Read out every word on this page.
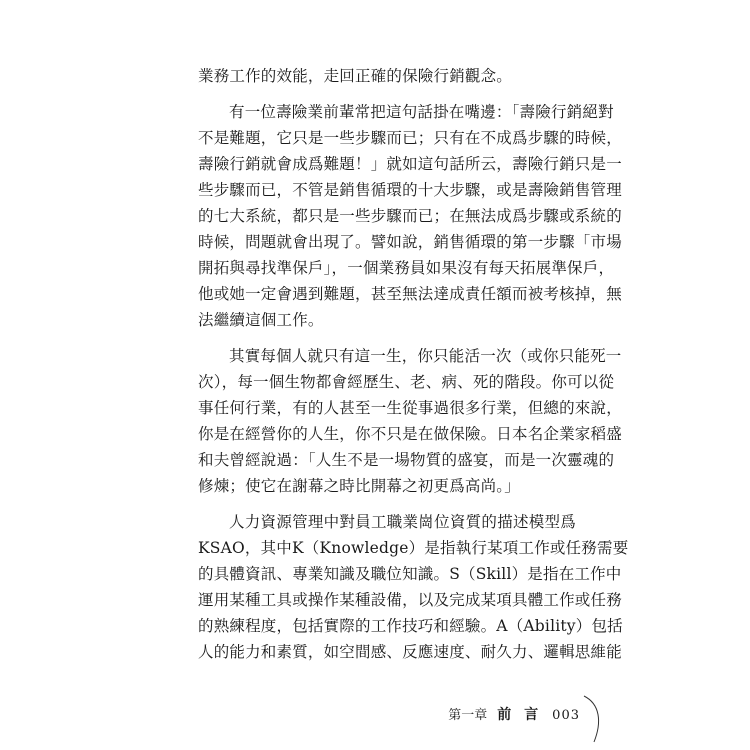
業務工作的效能，走回正確的保險行銷觀念。
有一位壽險業前輩常把這句話掛在嘴邊：「壽險行銷絕對
不是難題，它只是一些步驟而已；只有在不成爲步驟的時候，
壽險行銷就會成爲難題！」就如這句話所云，壽險行銷只是一
些步驟而已，不管是銷售循環的十大步驟，或是壽險銷售管理
的七大系統，都只是一些步驟而已；在無法成爲步驟或系統的
時候，問題就會出現了。譬如說，銷售循環的第一步驟「市場
開拓與尋找準保戶」，一個業務員如果沒有每天拓展準保戶，
他或她一定會遇到難題，甚至無法達成責任額而被考核掉，無
法繼續這個工作。
其實每個人就只有這一生，你只能活一次（或你只能死一
次），每一個生物都會經歷生、老、病、死的階段。你可以從
事任何行業，有的人甚至一生從事過很多行業，但總的來說，
你是在經營你的人生，你不只是在做保險。日本名企業家稻盛
和夫曾經說過：「人生不是一場物質的盛宴，而是一次靈魂的
修煉；使它在謝幕之時比開幕之初更爲高尚。」
人力資源管理中對員工職業崗位資質的描述模型爲
KSAO，其中K（Knowledge）是指執行某項工作或任務需要
的具體資訊、專業知識及職位知識。S（Skill）是指在工作中
運用某種工具或操作某種設備，以及完成某項具體工作或任務
的熟練程度，包括實際的工作技巧和經驗。A（Ability）包括
人的能力和素質，如空間感、反應速度、耐久力、邏輯思維能
第一章 前 言 003
